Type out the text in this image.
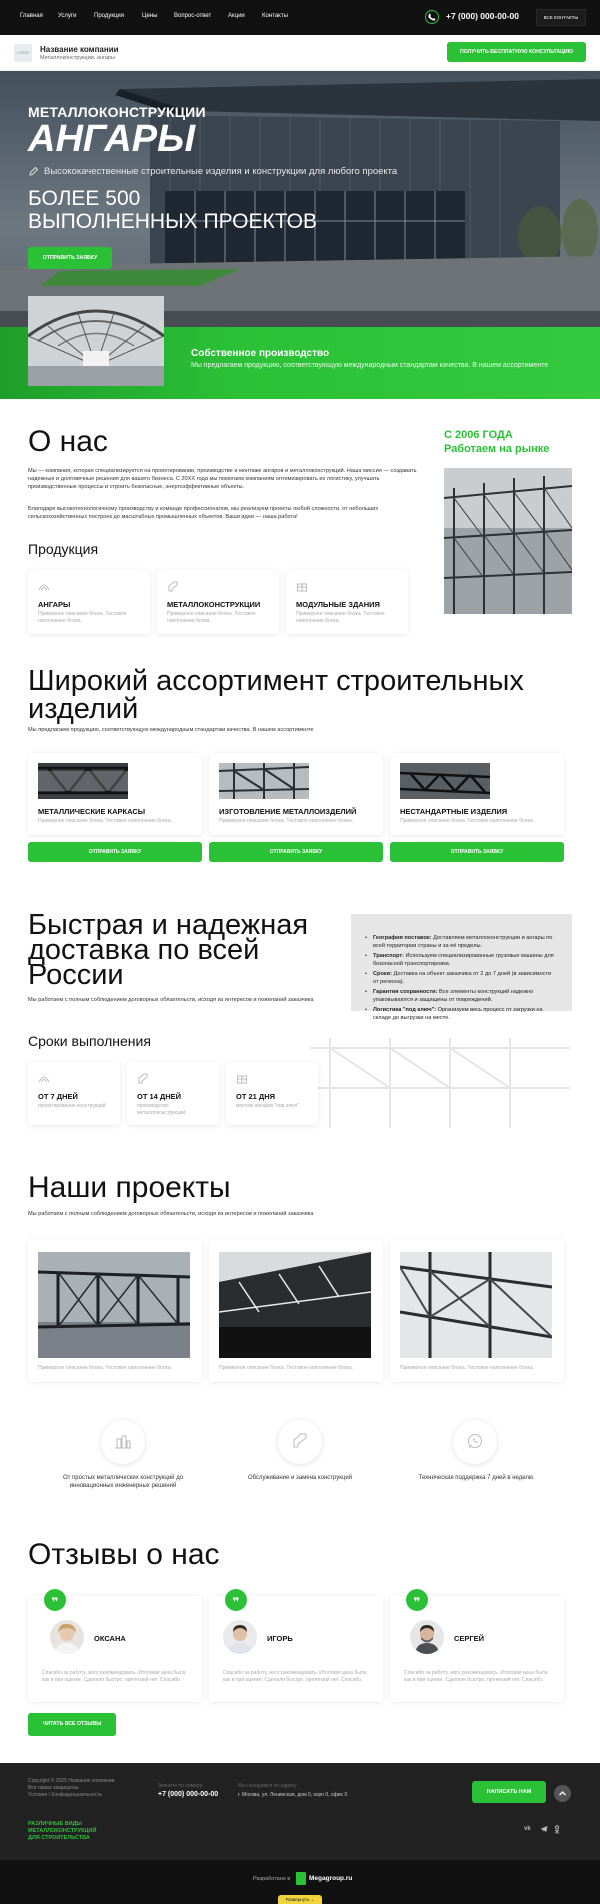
Главная	Услуги	Продукция	Цены	Вопрос-ответ	Акции	Контакты	+7 (000) 000-00-00	ВСЕ КОНТАКТЫ
LOGO	Название компании
Металлоконструкции, ангары
ПОЛУЧИТЬ БЕСПЛАТНУЮ КОНСУЛЬТАЦИЮ
МЕТАЛЛОКОНСТРУКЦИИ
АНГАРЫ
Высококачественные строительные изделия и конструкции для любого проекта
БОЛЕЕ 500
ВЫПОЛНЕННЫХ ПРОЕКТОВ
ОТПРАВИТЬ ЗАЯВКУ
Собственное производство
Мы предлагаем продукцию, соответствующую международным стандартам качества. В нашем ассортименте
О нас
Мы — компания, которая специализируется на проектировании, производстве и монтаже ангаров и металлоконструкций. Наша миссия — создавать надежные и долговечные решения для вашего бизнеса. С 20XX года мы помогаем компаниям оптимизировать их логистику, улучшать производственные процессы и строить безопасные, энергоэффективные объекты.
Благодаря высокотехнологичному производству и команде профессионалов, мы реализуем проекты любой сложности, от небольших сельскохозяйственных построек до масштабных промышленных объектов. Ваши идеи — наша работа!
С 2006 ГОДА
Работаем на рынке
Продукция
АНГАРЫ
Примерное описание блока. Тестовое наполнение блока.
МЕТАЛЛОКОНСТРУКЦИИ
Примерное описание блока. Тестовое наполнение блока.
МОДУЛЬНЫЕ ЗДАНИЯ
Примерное описание блока. Тестовое наполнение блока.
Широкий ассортимент строительных
изделий
Мы предлагаем продукцию, соответствующую международным стандартам качества. В нашем ассортименте
МЕТАЛЛИЧЕСКИЕ КАРКАСЫ
Примерное описание блока. Тестовое наполнение блока.
ИЗГОТОВЛЕНИЕ МЕТАЛЛОИЗДЕЛИЙ
Примерное описание блока. Тестовое наполнение блока.
НЕСТАНДАРТНЫЕ ИЗДЕЛИЯ
Примерное описание блока. Тестовое наполнение блока.
ОТПРАВИТЬ ЗАЯВКУ	ОТПРАВИТЬ ЗАЯВКУ	ОТПРАВИТЬ ЗАЯВКУ
Быстрая и надежная
доставка по всей
России
Мы работаем с полным соблюдением договорных обязательств, исходя из интересов и пожеланий заказчика
Сроки выполнения
ОТ 7 ДНЕЙ
проектирование конструкций
ОТ 14 ДНЕЙ
производство металлоконструкций
ОТ 21 ДНЯ
монтаж ангаров "под ключ"
• География поставок: Доставляем металлоконструкции и ангары по всей территории страны и за её пределы.
• Транспорт: Используем специализированные грузовые машины для безопасной транспортировки.
• Сроки: Доставка на объект заказчика от 2 до 7 дней (в зависимости от региона).
• Гарантия сохранности: Все элементы конструкций надежно упаковываются и защищены от повреждений.
• Логистика "под ключ": Организуем весь процесс от загрузки на складе до выгрузки на месте.
Наши проекты
Мы работаем с полным соблюдением договорных обязательств, исходя из интересов и пожеланий заказчика
Примерное описание блока. Тестовое наполнение блока.	Примерное описание блока. Тестовое наполнение блока.	Примерное описание блока. Тестовое наполнение блока.
От простых металлических конструкций до
инновационных инженерных решений
Обслуживание и замена конструкций	Техническая поддержка 7 дней в неделю
Отзывы о нас
ОКСАНА
Спасибо за работу, могу рекомендовать. Итоговая цена была как и при оценке. Сделали быстро, претензий нет. Спасибо.
❞
ИГОРЬ
Спасибо за работу, могу рекомендовать. Итоговая цена была как и при оценке. Сделали быстро, претензий нет. Спасибо.
❞
СЕРГЕЙ
Спасибо за работу, могу рекомендовать. Итоговая цена была как и при оценке. Сделали быстро, претензий нет. Спасибо.
❞
ЧИТАТЬ ВСЕ ОТЗЫВЫ
Copyright © 2025 Название компании.
Все права защищены.
Условия / Конфиденциальность
Звоните по номеру
+7 (000) 000-00-00
Мы находимся по адресу
г. Москва, ул. Ленинская, дом 0, корп 0, офис 0	НАПИСАТЬ НАМ
РАЗЛИЧНЫЕ ВИДЫ
МЕТАЛЛОКОНСТРУКЦИЙ
ДЛЯ СТРОИТЕЛЬСТВА
vk
Разработано в	Megagroup.ru
Развернуть ⌄
